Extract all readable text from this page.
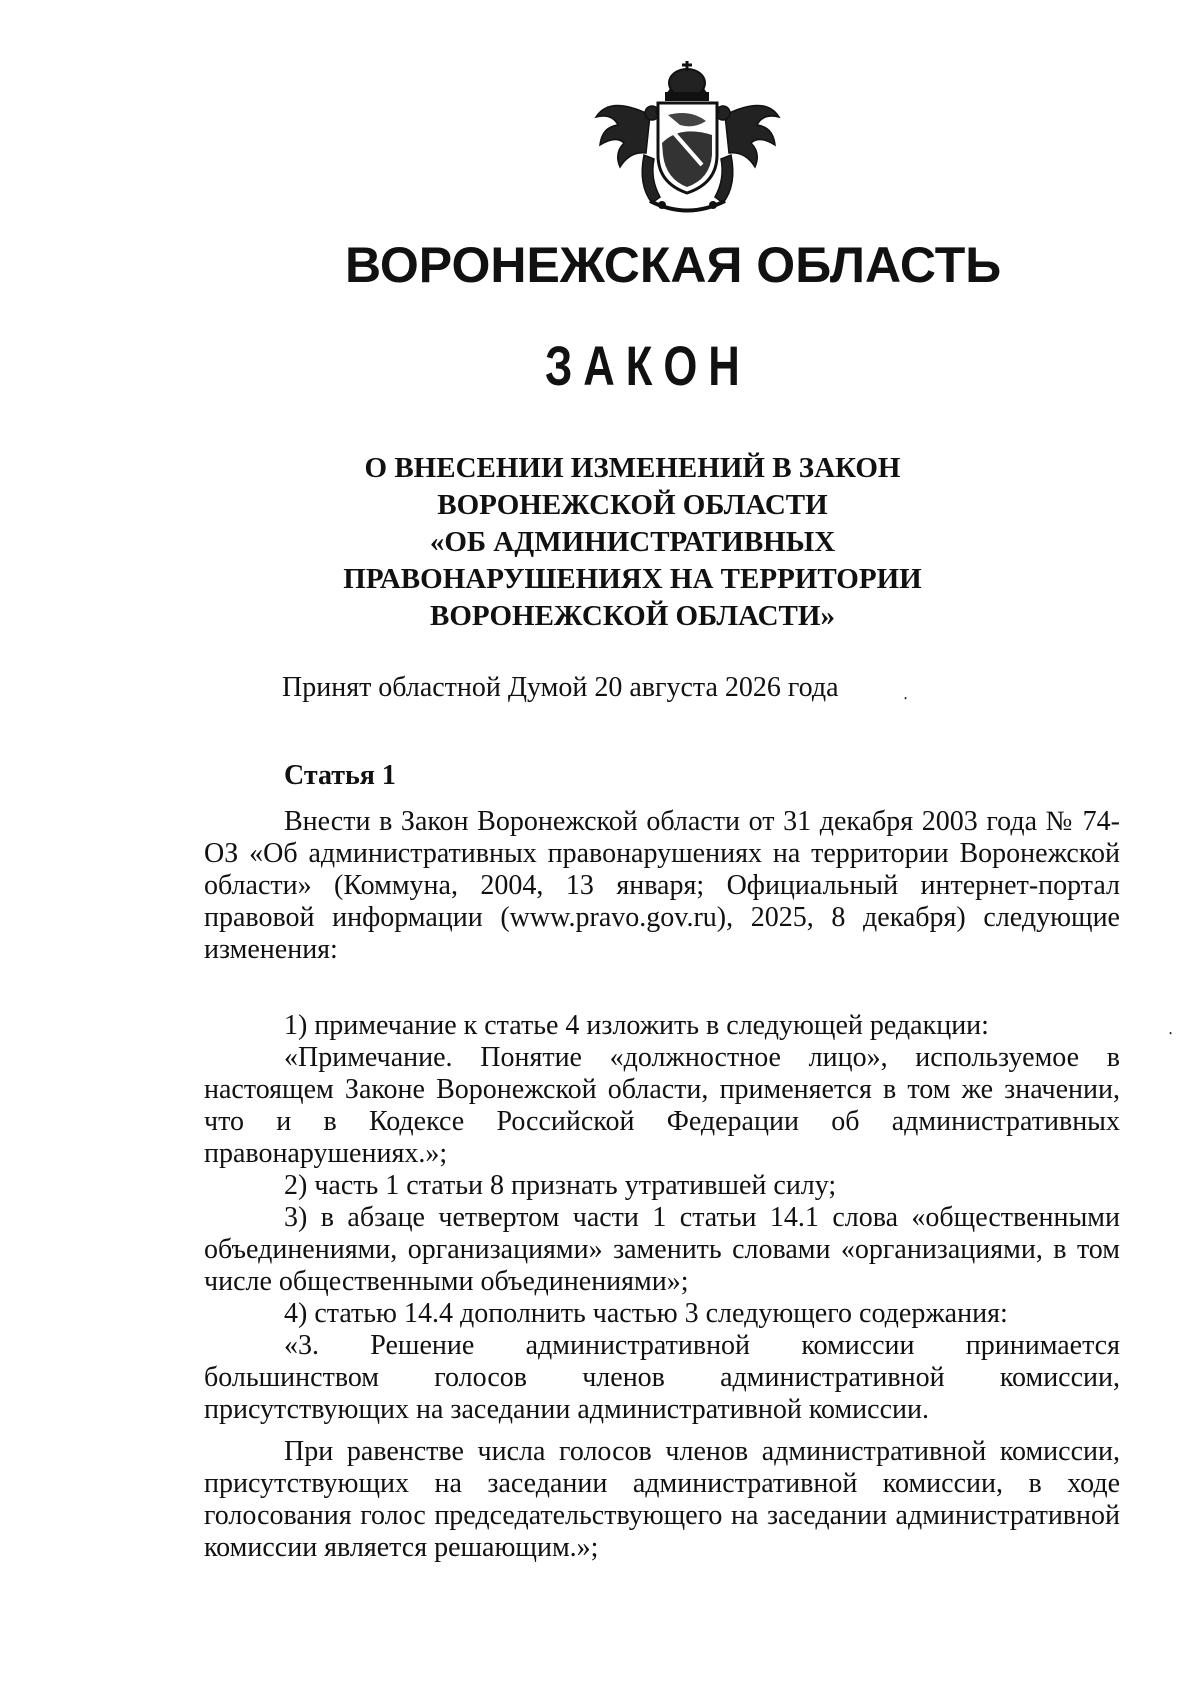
ВОРОНЕЖСКАЯ ОБЛАСТЬ
ЗАКОН
О ВНЕСЕНИИ ИЗМЕНЕНИЙ В ЗАКОН
ВОРОНЕЖСКОЙ ОБЛАСТИ
«ОБ АДМИНИСТРАТИВНЫХ
ПРАВОНАРУШЕНИЯХ НА ТЕРРИТОРИИ
ВОРОНЕЖСКОЙ ОБЛАСТИ»
Принят областной Думой 20 августа 2026 года	‧
‧
Статья 1

Внести в Закон Воронежской области от 31 декабря 2003 года № 74-ОЗ «Об административных правонарушениях на территории Воронежской области» (Коммуна, 2004, 13 января; Официальный интернет-портал правовой информации (www.pravo.gov.ru), 2025, 8 декабря) следующие изменения:

1) примечание к статье 4 изложить в следующей редакции:

«Примечание. Понятие «должностное лицо», используемое в настоящем Законе Воронежской области, применяется в том же значении, что и в Кодексе Российской Федерации об административных правонарушениях.»;

2) часть 1 статьи 8 признать утратившей силу;

3) в абзаце четвертом части 1 статьи 14.1 слова «общественными объединениями, организациями» заменить словами «организациями, в том числе общественными объединениями»;

4) статью 14.4 дополнить частью 3 следующего содержания:

«3. Решение административной комиссии принимается большинством голосов членов административной комиссии, присутствующих на заседании административной комиссии.

При равенстве числа голосов членов административной комиссии, присутствующих на заседании административной комиссии, в ходе голосования голос председательствующего на заседании административной комиссии является решающим.»;
